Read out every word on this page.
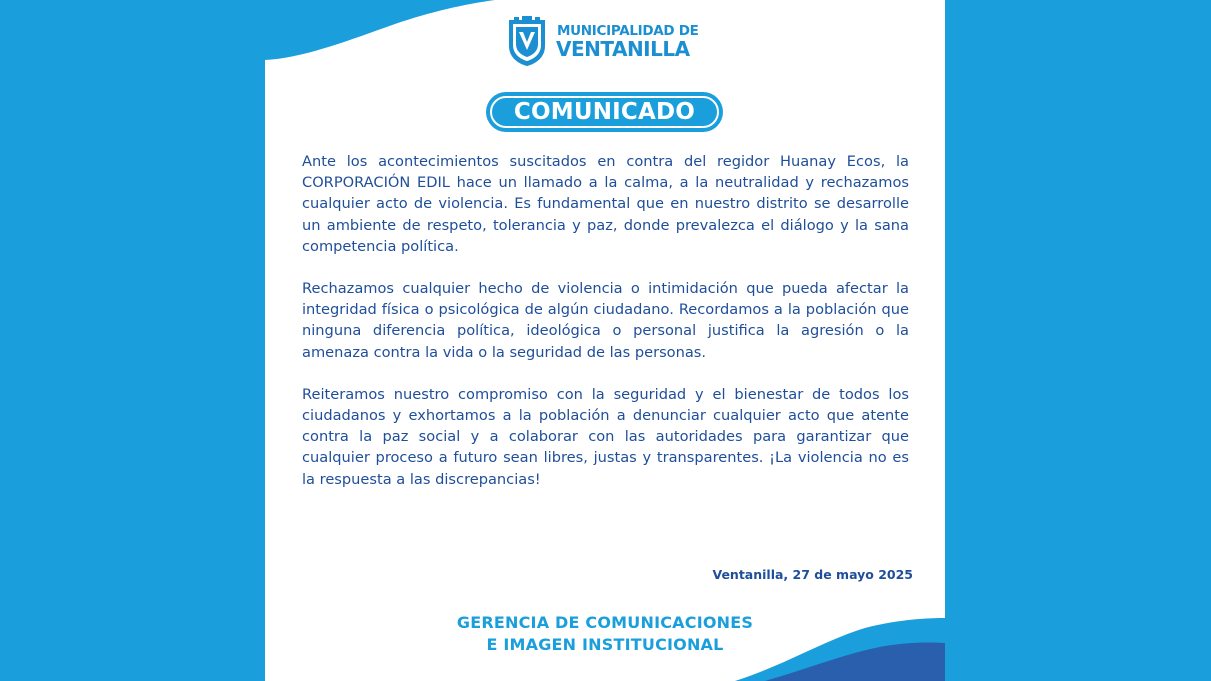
MUNICIPALIDAD DE
VENTANILLA
COMUNICADO

Ante los acontecimientos suscitados en contra del regidor Huanay Ecos, la CORPORACIÓN EDIL hace un llamado a la calma, a la neutralidad y rechazamos cualquier acto de violencia. Es fundamental que en nuestro distrito se desarrolle un ambiente de respeto, tolerancia y paz, donde prevalezca el diálogo y la sana competencia política.

Rechazamos cualquier hecho de violencia o intimidación que pueda afectar la integridad física o psicológica de algún ciudadano. Recordamos a la población que ninguna diferencia política, ideológica o personal justifica la agresión o la amenaza contra la vida o la seguridad de las personas.

Reiteramos nuestro compromiso con la seguridad y el bienestar de todos los ciudadanos y exhortamos a la población a denunciar cualquier acto que atente contra la paz social y a colaborar con las autoridades para garantizar que cualquier proceso a futuro sean libres, justas y transparentes. ¡La violencia no es la respuesta a las discrepancias!

Ventanilla, 27 de mayo 2025
GERENCIA DE COMUNICACIONES
E IMAGEN INSTITUCIONAL
